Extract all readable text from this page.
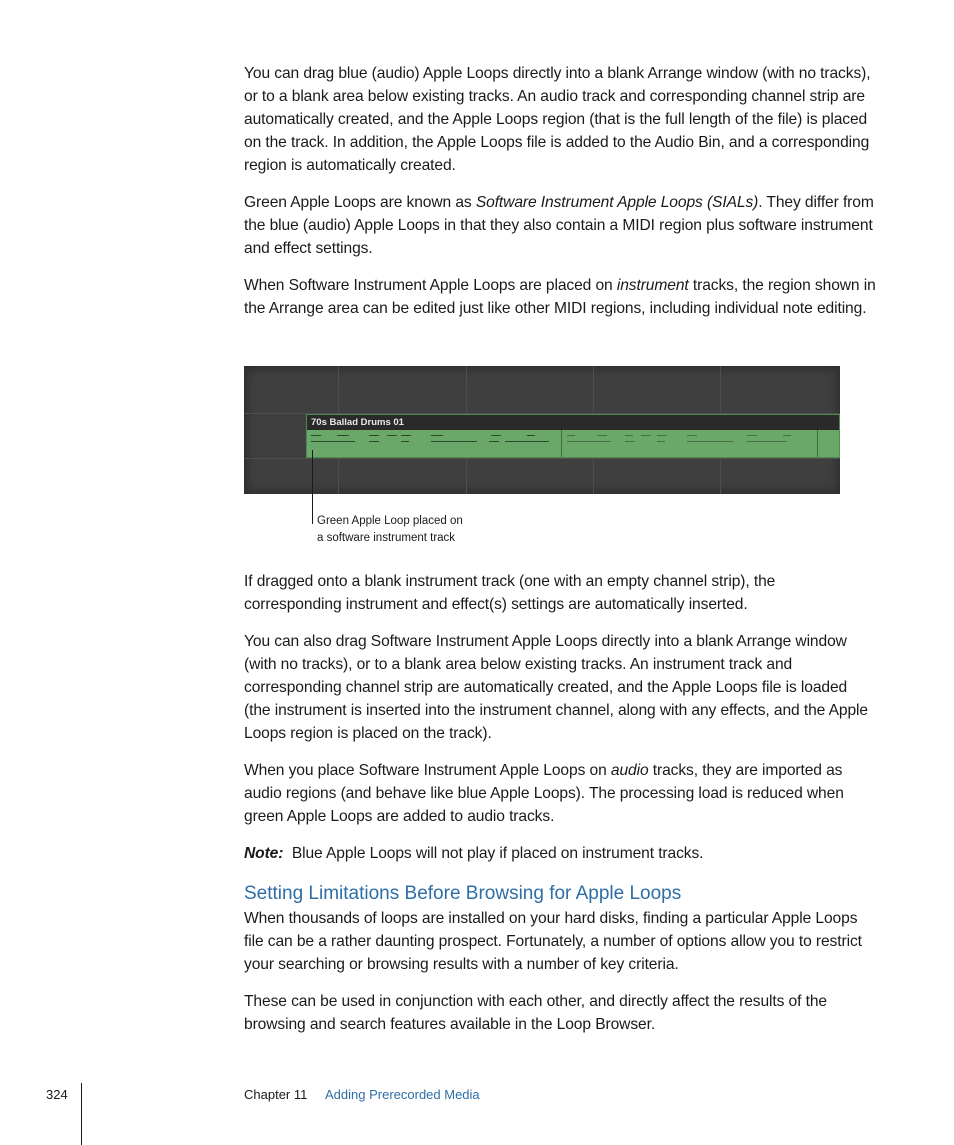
You can drag blue (audio) Apple Loops directly into a blank Arrange window (with no tracks), or to a blank area below existing tracks. An audio track and corresponding channel strip are automatically created, and the Apple Loops region (that is the full length of the file) is placed on the track. In addition, the Apple Loops file is added to the Audio Bin, and a corresponding region is automatically created.

Green Apple Loops are known as Software Instrument Apple Loops (SIALs). They differ from the blue (audio) Apple Loops in that they also contain a MIDI region plus software instrument and effect settings.

When Software Instrument Apple Loops are placed on instrument tracks, the region shown in the Arrange area can be edited just like other MIDI regions, including individual note editing.

70s Ballad Drums 01
Green Apple Loop placed on
a software instrument track

If dragged onto a blank instrument track (one with an empty channel strip), the corresponding instrument and effect(s) settings are automatically inserted.

You can also drag Software Instrument Apple Loops directly into a blank Arrange window (with no tracks), or to a blank area below existing tracks. An instrument track and corresponding channel strip are automatically created, and the Apple Loops file is loaded (the instrument is inserted into the instrument channel, along with any effects, and the Apple Loops region is placed on the track).

When you place Software Instrument Apple Loops on audio tracks, they are imported as audio regions (and behave like blue Apple Loops). The processing load is reduced when green Apple Loops are added to audio tracks.

Note:  Blue Apple Loops will not play if placed on instrument tracks.

Setting Limitations Before Browsing for Apple Loops

When thousands of loops are installed on your hard disks, finding a particular Apple Loops file can be a rather daunting prospect. Fortunately, a number of options allow you to restrict your searching or browsing results with a number of key criteria.

These can be used in conjunction with each other, and directly affect the results of the browsing and search features available in the Loop Browser.

324	Chapter 11 Adding Prerecorded Media
